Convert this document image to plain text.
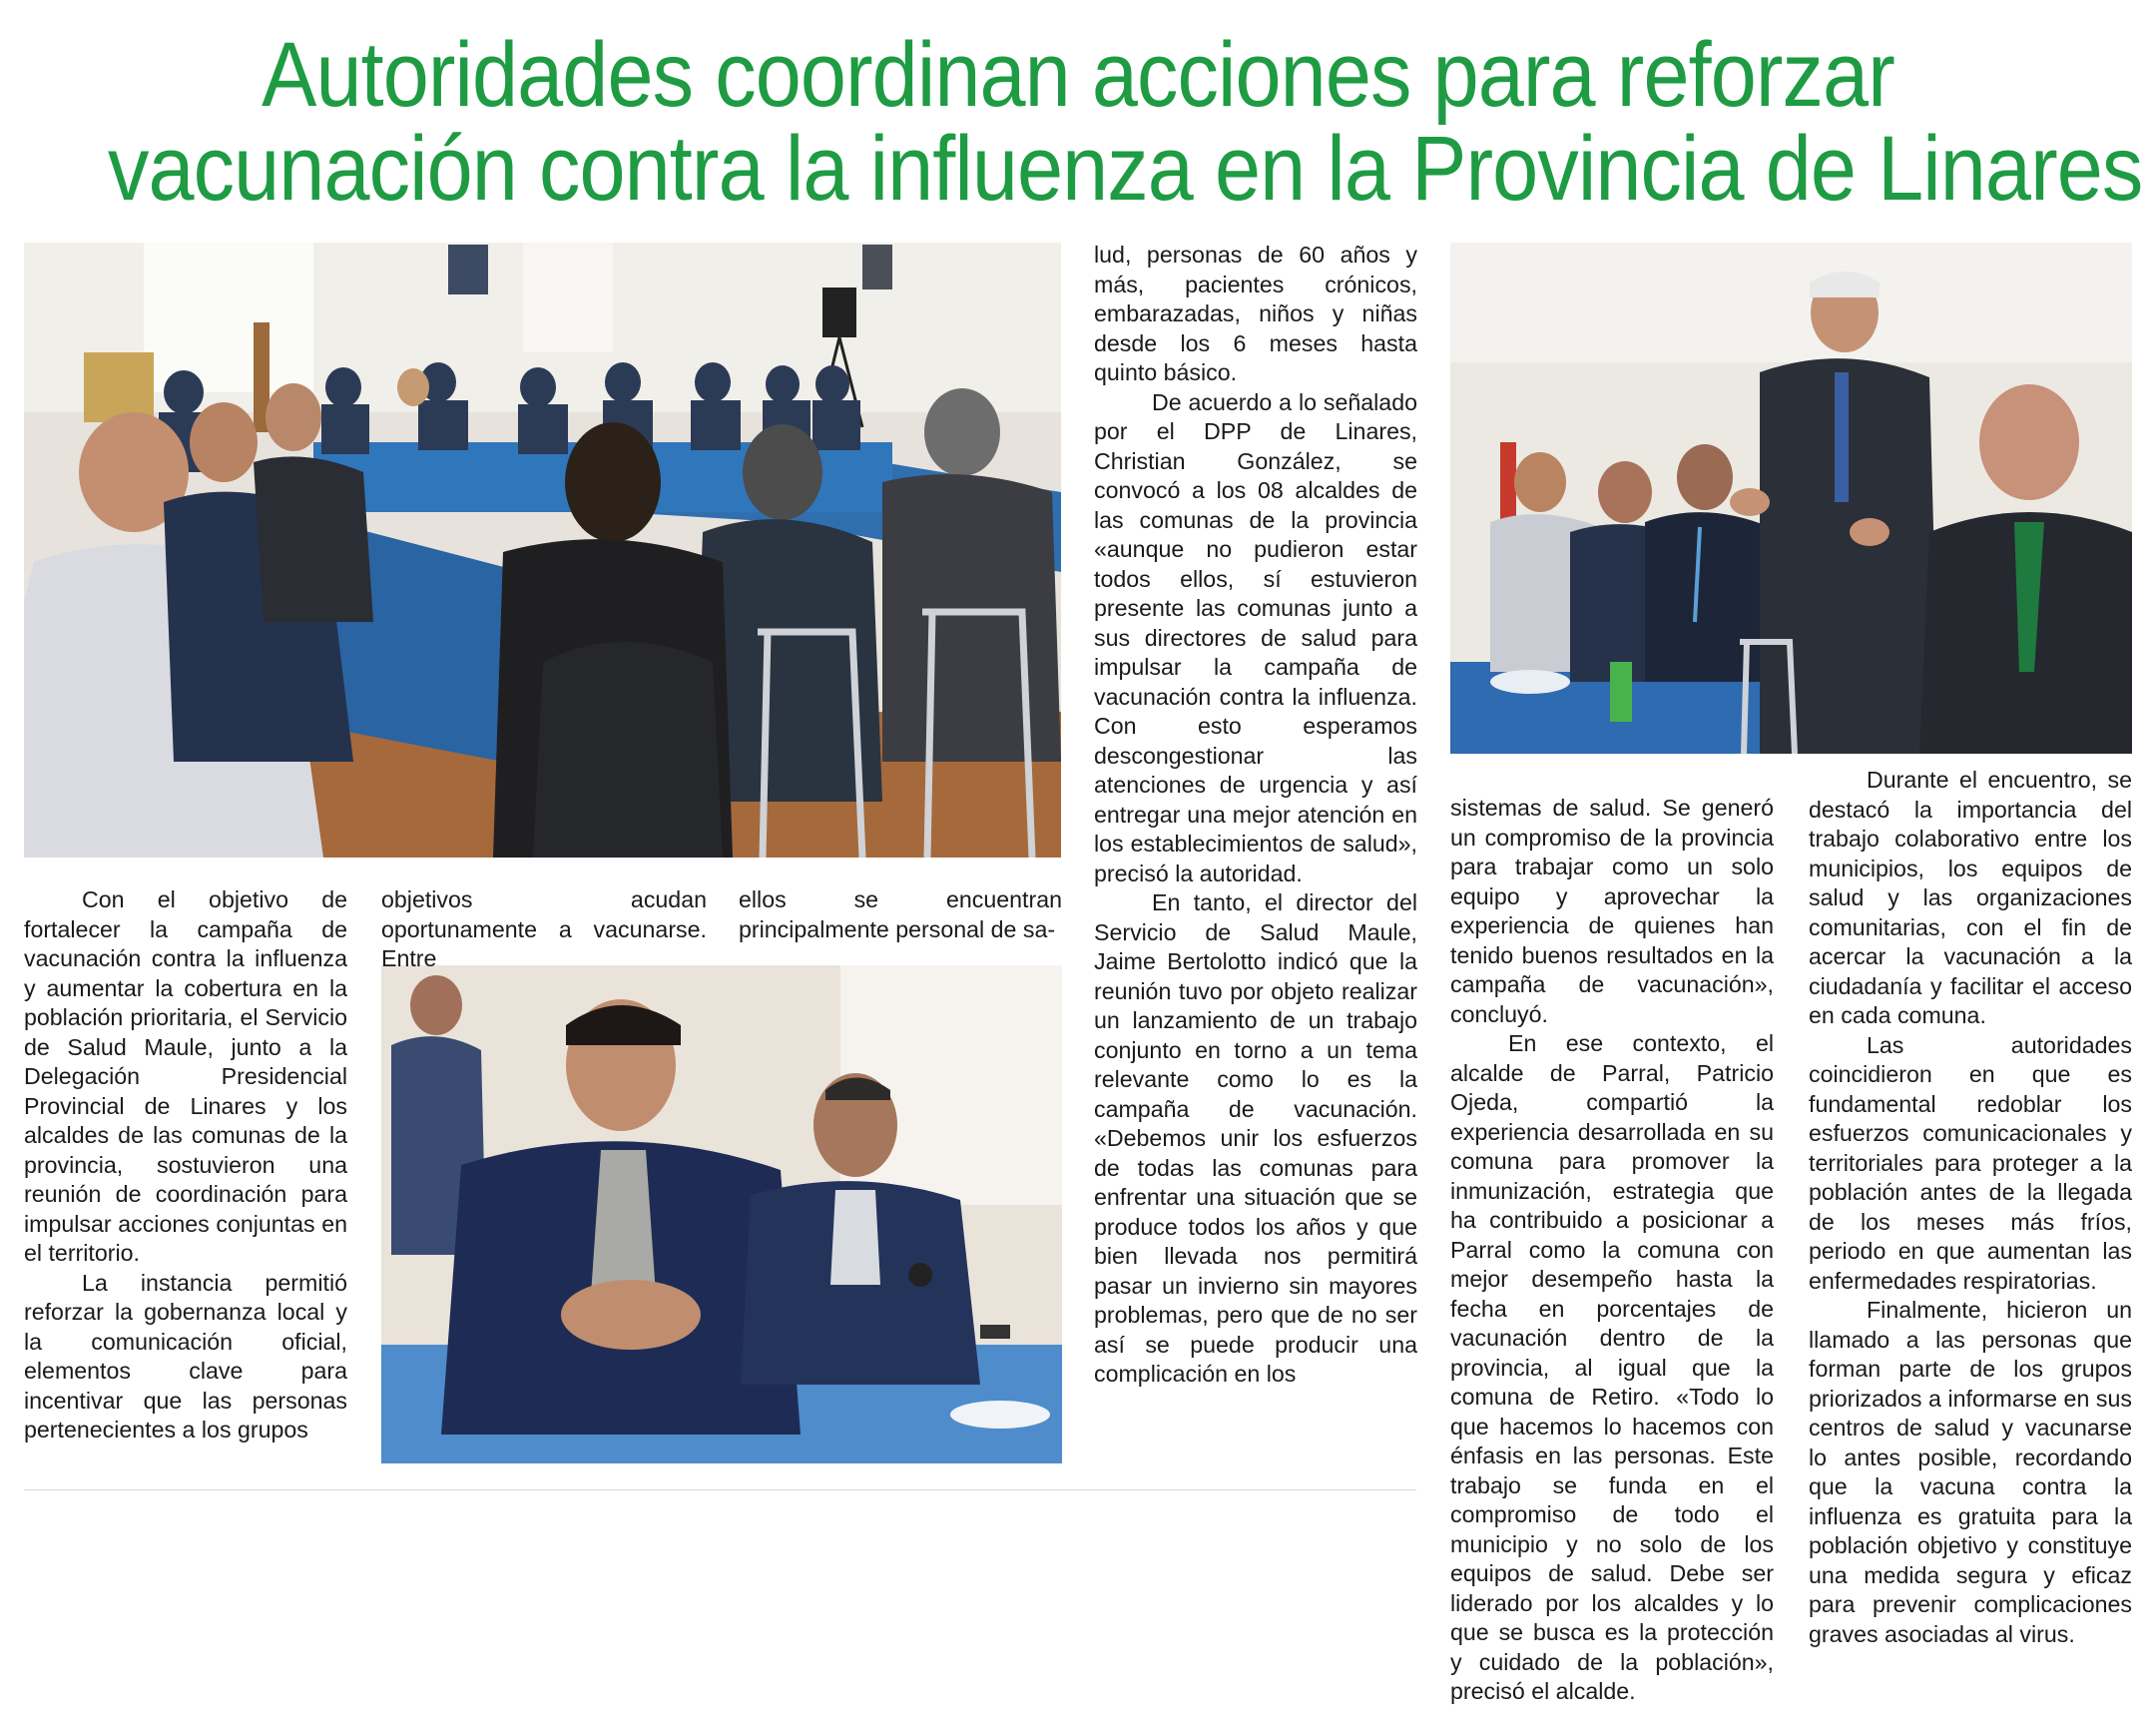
Autoridades coordinan acciones para reforzar
vacunación contra la influenza en la Provincia de Linares

Con el objetivo de fortalecer la campaña de vacunación contra la influenza y aumentar la cobertura en la población prioritaria, el Servicio de Salud Maule, junto a la Delegación Presidencial Provincial de Linares y los alcaldes de las comunas de la provincia, sostuvieron una reunión de coordinación para impulsar acciones conjuntas en el territorio.

La instancia permitió reforzar la gobernanza local y la comunicación oficial, elementos clave para incentivar que las personas pertenecientes a los grupos

objetivos acudan oportunamente a vacunarse. Entre

ellos se encuentran principalmente personal de sa-

lud, personas de 60 años y más, pacientes crónicos, embarazadas, niños y niñas desde los 6 meses hasta quinto básico.

De acuerdo a lo señalado por el DPP de Linares, Christian González, se convocó a los 08 alcaldes de las comunas de la provincia «aunque no pudieron estar todos ellos, sí estuvieron presente las comunas junto a sus directores de salud para impulsar la campaña de vacunación contra la influenza. Con esto esperamos descongestionar las atenciones de urgencia y así entregar una mejor atención en los establecimientos de salud», precisó la autoridad.

En tanto, el director del Servicio de Salud Maule, Jaime Bertolotto indicó que la reunión tuvo por objeto realizar un lanzamiento de un trabajo conjunto en torno a un tema relevante como lo es la campaña de vacunación. «Debemos unir los esfuerzos de todas las comunas para enfrentar una situación que se produce todos los años y que bien llevada nos permitirá pasar un invierno sin mayores problemas, pero que de no ser así se puede producir una complicación en los

sistemas de salud. Se generó un compromiso de la provincia para trabajar como un solo equipo y aprovechar la experiencia de quienes han tenido buenos resultados en la campaña de vacunación», concluyó.

En ese contexto, el alcalde de Parral, Patricio Ojeda, compartió la experiencia desarrollada en su comuna para promover la inmunización, estrategia que ha contribuido a posicionar a Parral como la comuna con mejor desempeño hasta la fecha en porcentajes de vacunación dentro de la provincia, al igual que la comuna de Retiro. «Todo lo que hacemos lo hacemos con énfasis en las personas. Este trabajo se funda en el compromiso de todo el municipio y no solo de los equipos de salud. Debe ser liderado por los alcaldes y lo que se busca es la protección y cuidado de la población», precisó el alcalde.

Durante el encuentro, se destacó la importancia del trabajo colaborativo entre los municipios, los equipos de salud y las organizaciones comunitarias, con el fin de acercar la vacunación a la ciudadanía y facilitar el acceso en cada comuna.

Las autoridades coincidieron en que es fundamental redoblar los esfuerzos comunicacionales y territoriales para proteger a la población antes de la llegada de los meses más fríos, periodo en que aumentan las enfermedades respiratorias.

Finalmente, hicieron un llamado a las personas que forman parte de los grupos priorizados a informarse en sus centros de salud y vacunarse lo antes posible, recordando que la vacuna contra la influenza es gratuita para la población objetivo y constituye una medida segura y eficaz para prevenir complicaciones graves asociadas al virus.
